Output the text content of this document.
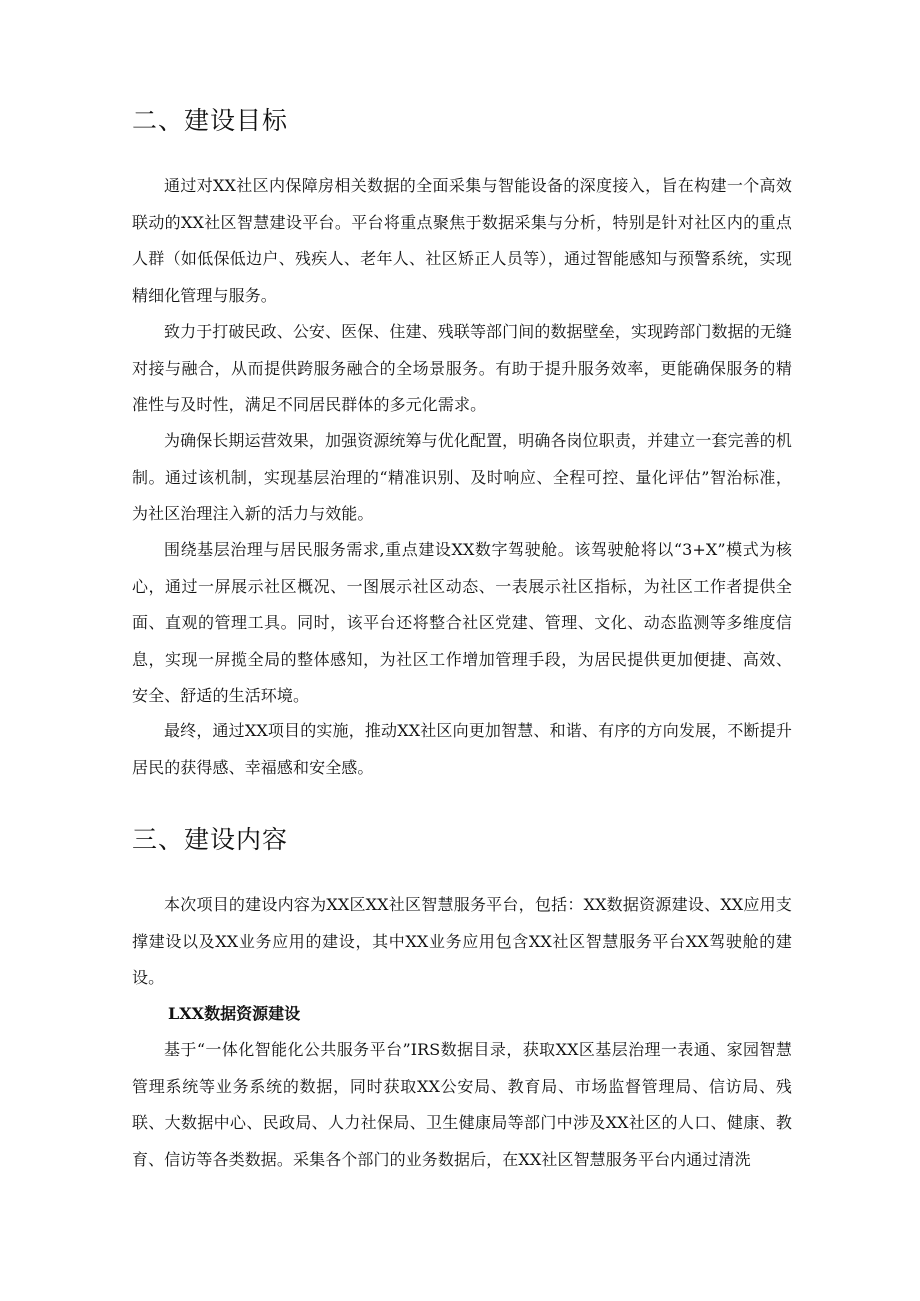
二、建设目标

通过对XX社区内保障房相关数据的全面采集与智能设备的深度接入，旨在构建一个高效联动的XX社区智慧建设平台。平台将重点聚焦于数据采集与分析，特别是针对社区内的重点人群（如低保低边户、残疾人、老年人、社区矫正人员等），通过智能感知与预警系统，实现精细化管理与服务。

致力于打破民政、公安、医保、住建、残联等部门间的数据壁垒，实现跨部门数据的无缝对接与融合，从而提供跨服务融合的全场景服务。有助于提升服务效率，更能确保服务的精准性与及时性，满足不同居民群体的多元化需求。

为确保长期运营效果，加强资源统筹与优化配置，明确各岗位职责，并建立一套完善的机制。通过该机制，实现基层治理的“精准识别、及时响应、全程可控、量化评估”智治标准，为社区治理注入新的活力与效能。

围绕基层治理与居民服务需求,重点建设XX数字驾驶舱。该驾驶舱将以“3+X”模式为核心，通过一屏展示社区概况、一图展示社区动态、一表展示社区指标，为社区工作者提供全面、直观的管理工具。同时，该平台还将整合社区党建、管理、文化、动态监测等多维度信息，实现一屏揽全局的整体感知，为社区工作增加管理手段，为居民提供更加便捷、高效、安全、舒适的生活环境。

最终，通过XX项目的实施，推动XX社区向更加智慧、和谐、有序的方向发展，不断提升居民的获得感、幸福感和安全感。

三、建设内容

本次项目的建设内容为XX区XX社区智慧服务平台，包括：XX数据资源建设、XX应用支撑建设以及XX业务应用的建设，其中XX业务应用包含XX社区智慧服务平台XX驾驶舱的建设。

LXX数据资源建设

基于“一体化智能化公共服务平台”IRS数据目录，获取XX区基层治理一表通、家园智慧管理系统等业务系统的数据，同时获取XX公安局、教育局、市场监督管理局、信访局、残联、大数据中心、民政局、人力社保局、卫生健康局等部门中涉及XX社区的人口、健康、教育、信访等各类数据。采集各个部门的业务数据后，在XX社区智慧服务平台内通过清洗
